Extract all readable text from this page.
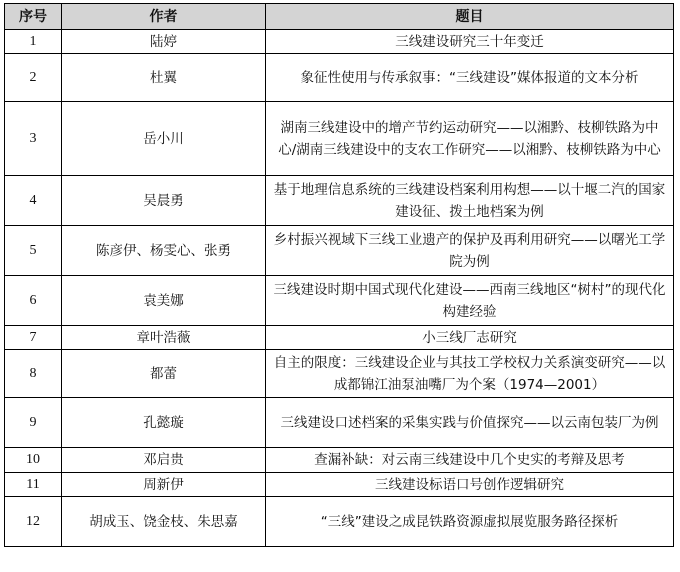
序号	作者	题目
1	陆婷	三线建设研究三十年变迁
2	杜翼	象征性使用与传承叙事：“三线建设”媒体报道的文本分析
3	岳小川	湖南三线建设中的增产节约运动研究——以湘黔、枝柳铁路为中心/湖南三线建设中的支农工作研究——以湘黔、枝柳铁路为中心
4	吴晨勇	基于地理信息系统的三线建设档案利用构想——以十堰二汽的国家建设征、拨土地档案为例
5	陈彦伊、杨雯心、张勇	乡村振兴视域下三线工业遗产的保护及再利用研究——以曙光工学院为例
6	袁美娜	三线建设时期中国式现代化建设——西南三线地区“树村”的现代化构建经验
7	章叶浩薇	小三线厂志研究
8	都蕾	自主的限度：三线建设企业与其技工学校权力关系演变研究——以成都锦江油泵油嘴厂为个案（1974—2001）
9	孔懿璇	三线建设口述档案的采集实践与价值探究——以云南包装厂为例
10	邓启贵	查漏补缺：对云南三线建设中几个史实的考辩及思考
11	周新伊	三线建设标语口号创作逻辑研究
12	胡成玉、饶金枝、朱思嘉	“三线”建设之成昆铁路资源虚拟展览服务路径探析
